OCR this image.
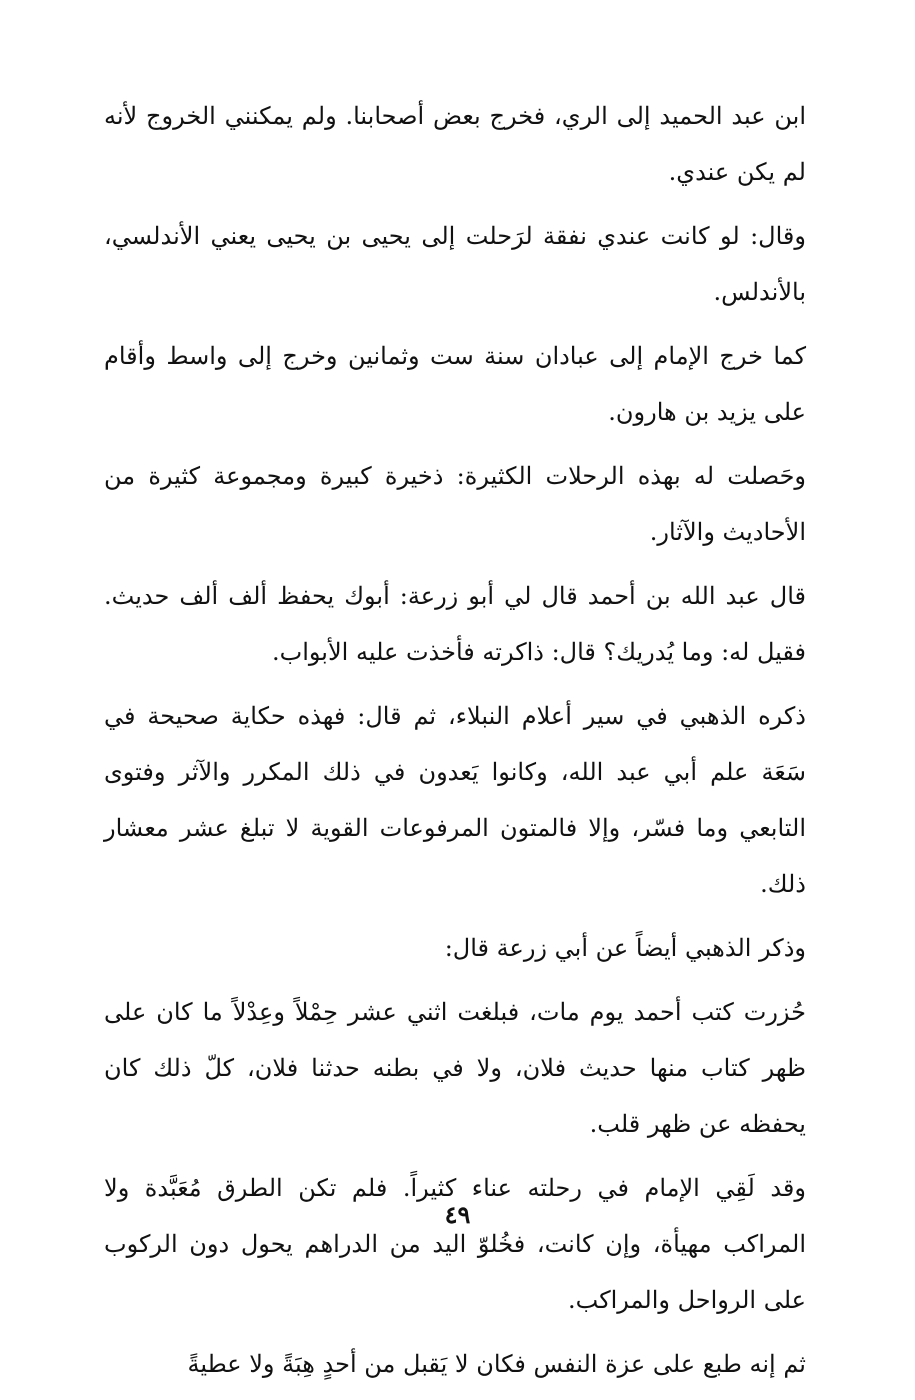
ابن عبد الحميد إلى الري، فخرج بعض أصحابنا. ولم يمكنني الخروج لأنه لم يكن عندي.

وقال: لو كانت عندي نفقة لرَحلت إلى يحيى بن يحيى يعني الأندلسي، بالأندلس.

كما خرج الإمام إلى عبادان سنة ست وثمانين وخرج إلى واسط وأقام على يزيد بن هارون.

وحَصلت له بهذه الرحلات الكثيرة: ذخيرة كبيرة ومجموعة كثيرة من الأحاديث والآثار.

قال عبد الله بن أحمد قال لي أبو زرعة: أبوك يحفظ ألف ألف حديث. فقيل له: وما يُدريك؟ قال: ذاكرته فأخذت عليه الأبواب.

ذكره الذهبي في سير أعلام النبلاء، ثم قال: فهذه حكاية صحيحة في سَعَة علم أبي عبد الله، وكانوا يَعدون في ذلك المكرر والآثر وفتوى التابعي وما فسّر، وإلا فالمتون المرفوعات القوية لا تبلغ عشر معشار ذلك.

وذكر الذهبي أيضاً عن أبي زرعة قال:

حُزرت كتب أحمد يوم مات، فبلغت اثني عشر حِمْلاً وعِدْلاً ما كان على ظهر كتاب منها حديث فلان، ولا في بطنه حدثنا فلان، كلّ ذلك كان يحفظه عن ظهر قلب.

وقد لَقِي الإمام في رحلته عناء كثيراً. فلم تكن الطرق مُعَبَّدة ولا المراكب مهيأة، وإن كانت، فخُلوّ اليد من الدراهم يحول دون الركوب على الرواحل والمراكب.

ثم إنه طبع على عزة النفس فكان لا يَقبل من أحدٍ هِبَةً ولا عطيةً

٤٩
